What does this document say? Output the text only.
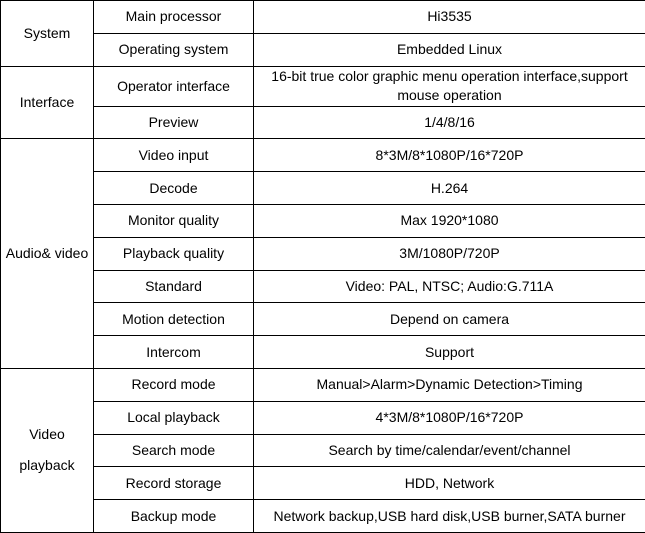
System	Main processor	Hi3535
	Operating system	Embedded Linux
Interface	Operator interface	16-bit true color graphic menu operation interface,support mouse operation
	Preview	1/4/8/16
Audio& video	Video input	8*3M/8*1080P/16*720P
	Decode	H.264
	Monitor quality	Max 1920*1080
	Playback quality	3M/1080P/720P
	Standard	Video: PAL, NTSC; Audio:G.711A
	Motion detection	Depend on camera
	Intercom	Support
Video playback	Record mode	Manual>Alarm>Dynamic Detection>Timing
	Local playback	4*3M/8*1080P/16*720P
	Search mode	Search by time/calendar/event/channel
	Record storage	HDD, Network
	Backup mode	Network backup,USB hard disk,USB burner,SATA burner
